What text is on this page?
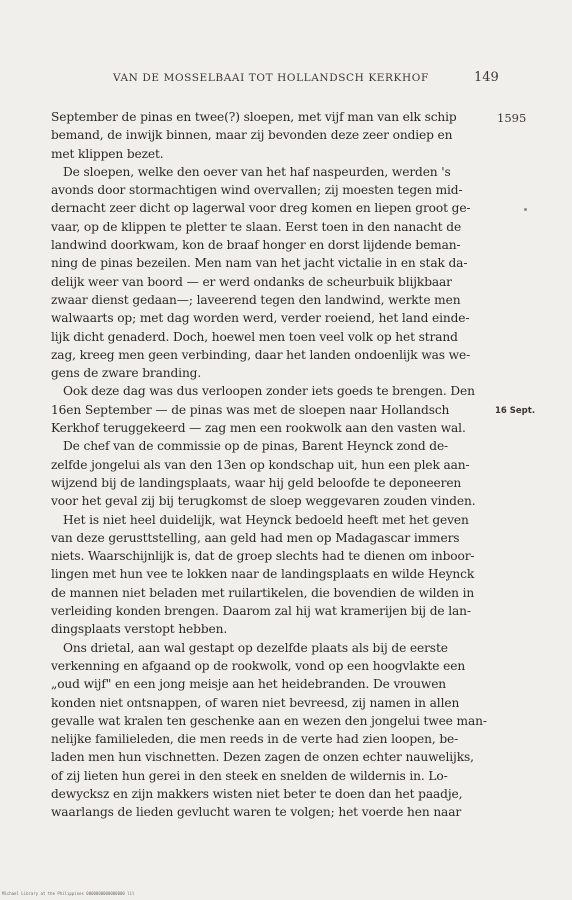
VAN DE MOSSELBAAI TOT HOLLANDSCH KERKHOF	149
1595
16 Sept.
September de pinas en twee(?) sloepen, met vijf man van elk schip
bemand, de inwijk binnen, maar zij bevonden deze zeer ondiep en
met klippen bezet.
De sloepen, welke den oever van het haf naspeurden, werden 's
avonds door stormachtigen wind overvallen; zij moesten tegen mid-
dernacht zeer dicht op lagerwal voor dreg komen en liepen groot ge-
vaar, op de klippen te pletter te slaan. Eerst toen in den nanacht de
landwind doorkwam, kon de braaf honger en dorst lijdende beman-
ning de pinas bezeilen. Men nam van het jacht victalie in en stak da-
delijk weer van boord — er werd ondanks de scheurbuik blijkbaar
zwaar dienst gedaan—; laveerend tegen den landwind, werkte men
walwaarts op; met dag worden werd, verder roeiend, het land einde-
lijk dicht genaderd. Doch, hoewel men toen veel volk op het strand
zag, kreeg men geen verbinding, daar het landen ondoenlijk was we-
gens de zware branding.
Ook deze dag was dus verloopen zonder iets goeds te brengen. Den
16en September — de pinas was met de sloepen naar Hollandsch
Kerkhof teruggekeerd — zag men een rookwolk aan den vasten wal.
De chef van de commissie op de pinas, Barent Heynck zond de-
zelfde jongelui als van den 13en op kondschap uit, hun een plek aan-
wijzend bij de landingsplaats, waar hij geld beloofde te deponeeren
voor het geval zij bij terugkomst de sloep weggevaren zouden vinden.
Het is niet heel duidelijk, wat Heynck bedoeld heeft met het geven
van deze gerusttstelling, aan geld had men op Madagascar immers
niets. Waarschijnlijk is, dat de groep slechts had te dienen om inboor-
lingen met hun vee te lokken naar de landingsplaats en wilde Heynck
de mannen niet beladen met ruilartikelen, die bovendien de wilden in
verleiding konden brengen. Daarom zal hij wat kramerijen bij de lan-
dingsplaats verstopt hebben.
Ons drietal, aan wal gestapt op dezelfde plaats als bij de eerste
verkenning en afgaand op de rookwolk, vond op een hoogvlakte een
„oud wijf" en een jong meisje aan het heidebranden. De vrouwen
konden niet ontsnappen, of waren niet bevreesd, zij namen in allen
gevalle wat kralen ten geschenke aan en wezen den jongelui twee man-
nelijke familieleden, die men reeds in de verte had zien loopen, be-
laden men hun vischnetten. Dezen zagen de onzen echter nauwelijks,
of zij lieten hun gerei in den steek en snelden de wildernis in. Lo-
dewycksz en zijn makkers wisten niet beter te doen dan het paadje,
waarlangs de lieden gevlucht waren te volgen; het voerde hen naar
Michael Library at the Philippines 0000000000000000 lil
